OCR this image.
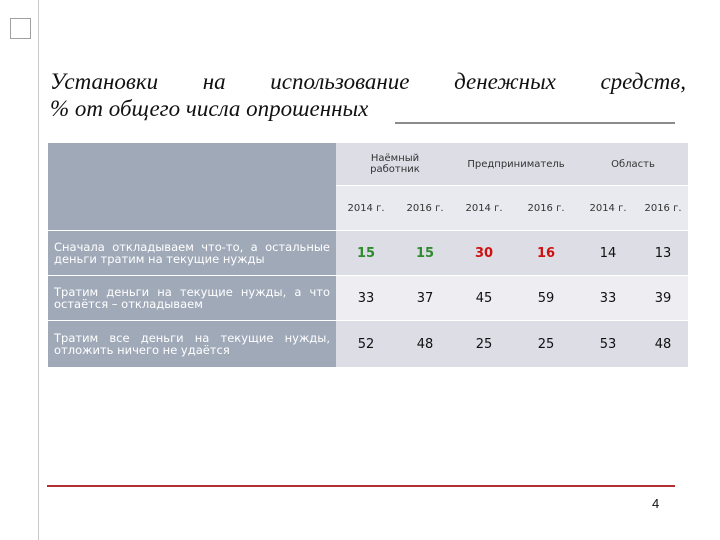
Установки на использование денежных средств,
% от общего числа опрошенных
	Наёмный работник		Предприниматель		Область	
	2014 г.	2016 г.	2014 г.	2016 г.	2014 г.	2016 г.
Сначала откладываем что-то, а остальные деньги тратим на текущие нужды	15	15	30	16	14	13
Тратим деньги на текущие нужды, а что остаётся – откладываем	33	37	45	59	33	39
Тратим все деньги на текущие нужды, отложить ничего не удаётся	52	48	25	25	53	48
4
